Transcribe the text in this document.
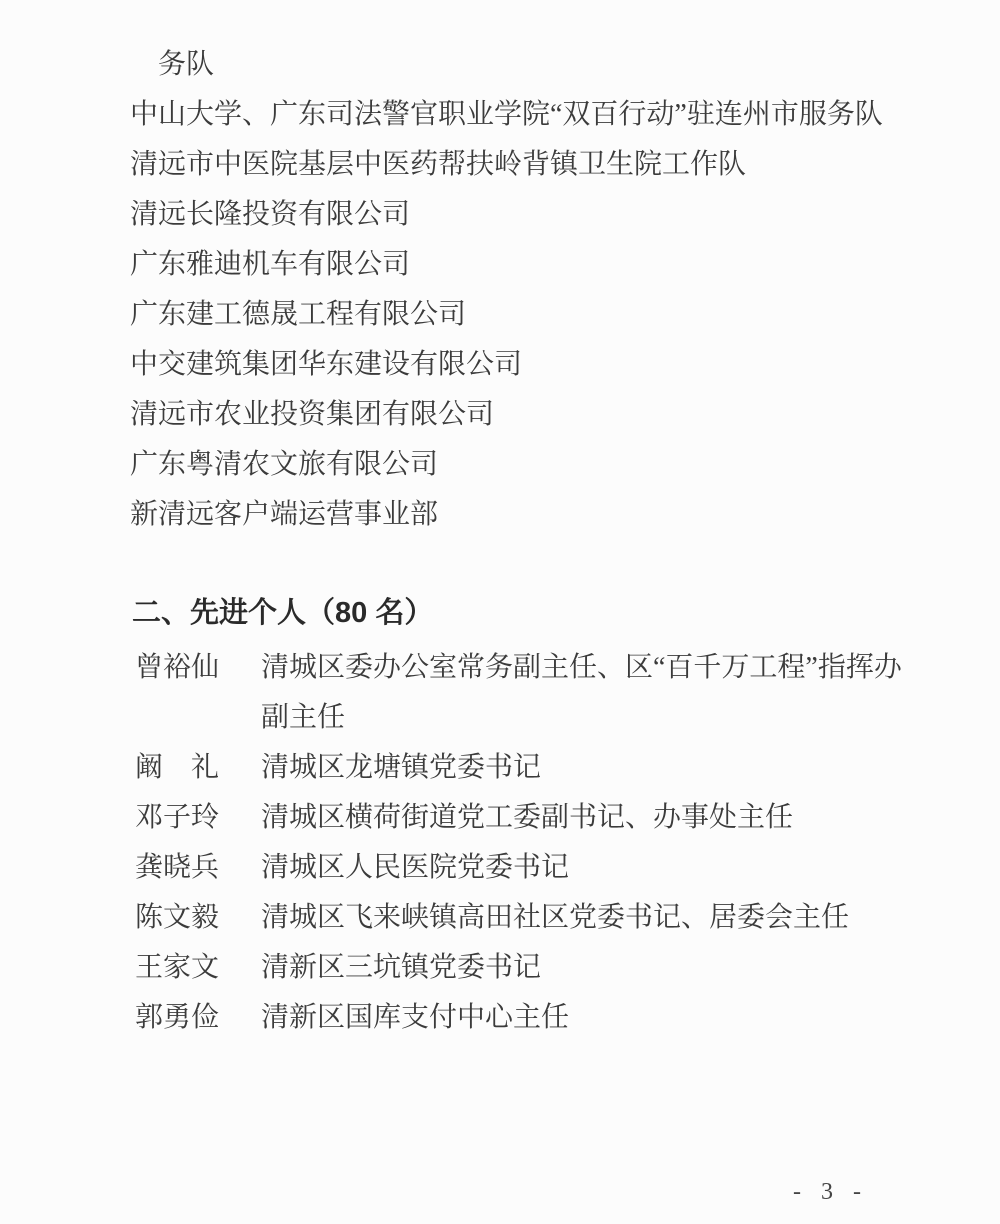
务队
中山大学、广东司法警官职业学院“双百行动”驻连州市服务队
清远市中医院基层中医药帮扶岭背镇卫生院工作队
清远长隆投资有限公司
广东雅迪机车有限公司
广东建工德晟工程有限公司
中交建筑集团华东建设有限公司
清远市农业投资集团有限公司
广东粤清农文旅有限公司
新清远客户端运营事业部
二、先进个人（80 名）
曾裕仙	清城区委办公室常务副主任、区“百千万工程”指挥办副主任
阚　礼	清城区龙塘镇党委书记
邓子玲	清城区横荷街道党工委副书记、办事处主任
龚晓兵	清城区人民医院党委书记
陈文毅	清城区飞来峡镇高田社区党委书记、居委会主任
王家文	清新区三坑镇党委书记
郭勇俭	清新区国库支付中心主任
- 3 -
